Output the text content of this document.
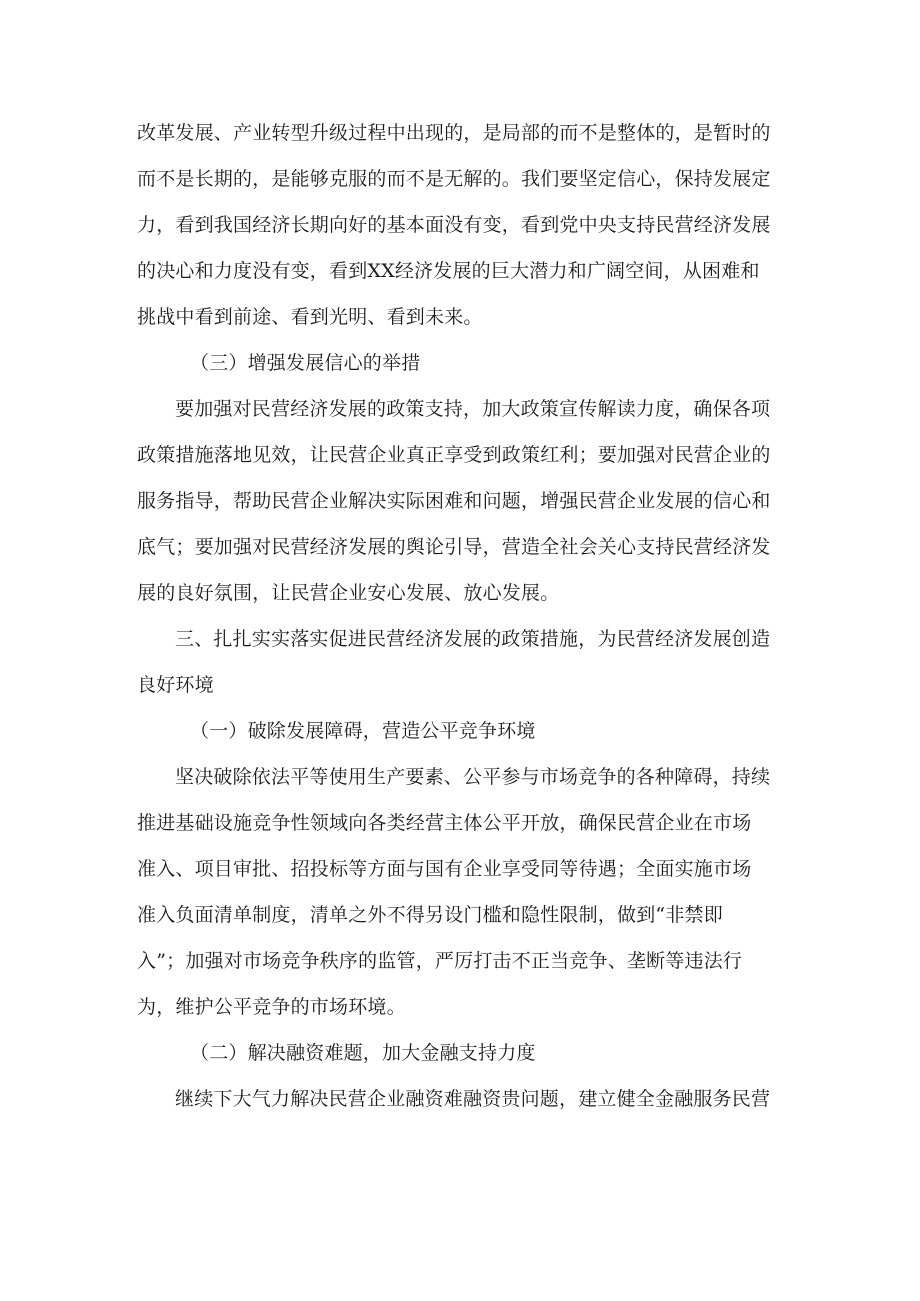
改革发展、产业转型升级过程中出现的，是局部的而不是整体的，是暂时的
而不是长期的，是能够克服的而不是无解的。我们要坚定信心，保持发展定
力，看到我国经济长期向好的基本面没有变，看到党中央支持民营经济发展
的决心和力度没有变，看到XX经济发展的巨大潜力和广阔空间，从困难和
挑战中看到前途、看到光明、看到未来。
（三）增强发展信心的举措
要加强对民营经济发展的政策支持，加大政策宣传解读力度，确保各项
政策措施落地见效，让民营企业真正享受到政策红利；要加强对民营企业的
服务指导，帮助民营企业解决实际困难和问题，增强民营企业发展的信心和
底气；要加强对民营经济发展的舆论引导，营造全社会关心支持民营经济发
展的良好氛围，让民营企业安心发展、放心发展。
三、扎扎实实落实促进民营经济发展的政策措施，为民营经济发展创造
良好环境
（一）破除发展障碍，营造公平竞争环境
坚决破除依法平等使用生产要素、公平参与市场竞争的各种障碍，持续
推进基础设施竞争性领域向各类经营主体公平开放，确保民营企业在市场
准入、项目审批、招投标等方面与国有企业享受同等待遇；全面实施市场
准入负面清单制度，清单之外不得另设门槛和隐性限制，做到“非禁即
入”；加强对市场竞争秩序的监管，严厉打击不正当竞争、垄断等违法行
为，维护公平竞争的市场环境。
（二）解决融资难题，加大金融支持力度
继续下大气力解决民营企业融资难融资贵问题，建立健全金融服务民营
